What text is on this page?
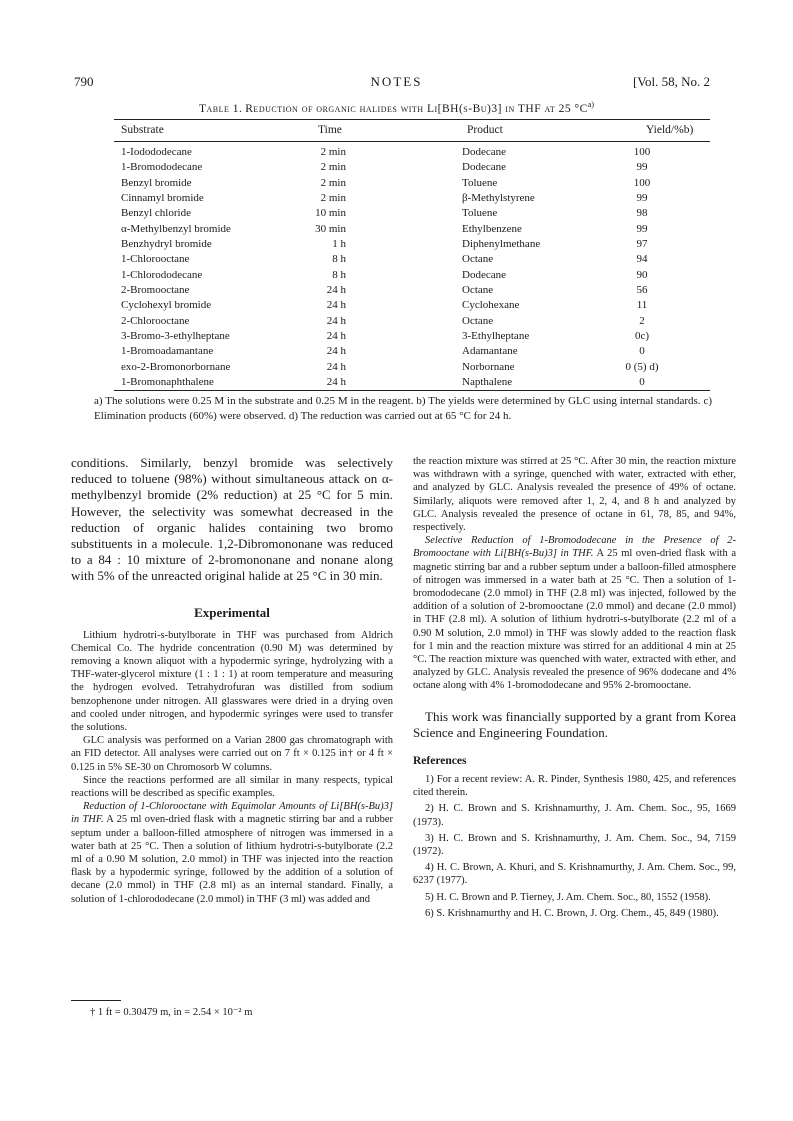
790	NOTES	[Vol. 58, No. 2
Table 1. Reduction of organic halides with Li[BH(s-Bu)3] in THF at 25 $^\circ C^{a)}$
Substrate	Time	Product	Yield/%b)
1-Iodododecane	2 min	Dodecane	100
1-Bromododecane	2 min	Dodecane	99
Benzyl bromide	2 min	Toluene	100
Cinnamyl bromide	2 min	β-Methylstyrene	99
Benzyl chloride	10 min	Toluene	98
α-Methylbenzyl bromide	30 min	Ethylbenzene	99
Benzhydryl bromide	1 h	Diphenylmethane	97
1-Chlorooctane	8 h	Octane	94
1-Chlorododecane	8 h	Dodecane	90
2-Bromooctane	24 h	Octane	56
Cyclohexyl bromide	24 h	Cyclohexane	11
2-Chlorooctane	24 h	Octane	2
3-Bromo-3-ethylheptane	24 h	3-Ethylheptane	0c)
1-Bromoadamantane	24 h	Adamantane	0
exo-2-Bromonorbornane	24 h	Norbornane	0 (5) d)
1-Bromonaphthalene	24 h	Napthalene	0
a) The solutions were 0.25 M in the substrate and 0.25 M in the reagent. b) The yields were determined by GLC using internal standards. c) Elimination products (60%) were observed. d) The reduction was carried out at 65 °C for 24 h.

conditions. Similarly, benzyl bromide was selectively reduced to toluene (98%) without simultaneous attack on α-methylbenzyl bromide (2% reduction) at 25 °C for 5 min. However, the selectivity was somewhat decreased in the reduction of organic halides containing two bromo substituents in a molecule. 1,2-Dibromononane was reduced to a 84 : 10 mixture of 2-bromononane and nonane along with 5% of the unreacted original halide at 25 °C in 30 min.

Experimental

Lithium hydrotri-s-butylborate in THF was purchased from Aldrich Chemical Co. The hydride concentration (0.90 M) was determined by removing a known aliquot with a hypodermic syringe, hydrolyzing with a THF-water-glycerol mixture (1 : 1 : 1) at room temperature and measuring the hydrogen evolved. Tetrahydrofuran was distilled from sodium benzophenone under nitrogen. All glasswares were dried in a drying oven and cooled under nitrogen, and hypodermic syringes were used to transfer the solutions.

GLC analysis was performed on a Varian 2800 gas chromatograph with an FID detector. All analyses were carried out on 7 ft × 0.125 in† or 4 ft × 0.125 in 5% SE-30 on Chromosorb W columns.

Since the reactions performed are all similar in many respects, typical reactions will be described as specific examples.

Reduction of 1-Chlorooctane with Equimolar Amounts of Li[BH(s-Bu)3] in THF. A 25 ml oven-dried flask with a magnetic stirring bar and a rubber septum under a balloon-filled atmosphere of nitrogen was immersed in a water bath at 25 °C. Then a solution of lithium hydrotri-s-butylborate (2.2 ml of a 0.90 M solution, 2.0 mmol) in THF was injected into the reaction flask by a hypodermic syringe, followed by the addition of a solution of decane (2.0 mmol) in THF (2.8 ml) as an internal standard. Finally, a solution of 1-chlorododecane (2.0 mmol) in THF (3 ml) was added and

† 1 ft = 0.30479 m, in = 2.54 × 10⁻² m

the reaction mixture was stirred at 25 °C. After 30 min, the reaction mixture was withdrawn with a syringe, quenched with water, extracted with ether, and analyzed by GLC. Analysis revealed the presence of 49% of octane. Similarly, aliquots were removed after 1, 2, 4, and 8 h and analyzed by GLC. Analysis revealed the presence of octane in 61, 78, 85, and 94%, respectively.

Selective Reduction of 1-Bromododecane in the Presence of 2-Bromooctane with Li[BH(s-Bu)3] in THF. A 25 ml oven-dried flask with a magnetic stirring bar and a rubber septum under a balloon-filled atmosphere of nitrogen was immersed in a water bath at 25 °C. Then a solution of 1-bromododecane (2.0 mmol) in THF (2.8 ml) was injected, followed by the addition of a solution of 2-bromooctane (2.0 mmol) and decane (2.0 mmol) in THF (2.8 ml). A solution of lithium hydrotri-s-butylborate (2.2 ml of a 0.90 M solution, 2.0 mmol) in THF was slowly added to the reaction flask for 1 min and the reaction mixture was stirred for an additional 4 min at 25 °C. The reaction mixture was quenched with water, extracted with ether, and analyzed by GLC. Analysis revealed the presence of 96% dodecane and 4% octane along with 4% 1-bromododecane and 95% 2-bromooctane.

This work was financially supported by a grant from Korea Science and Engineering Foundation.

References

1) For a recent review: A. R. Pinder, Synthesis 1980, 425, and references cited therein.

2) H. C. Brown and S. Krishnamurthy, J. Am. Chem. Soc., 95, 1669 (1973).

3) H. C. Brown and S. Krishnamurthy, J. Am. Chem. Soc., 94, 7159 (1972).

4) H. C. Brown, A. Khuri, and S. Krishnamurthy, J. Am. Chem. Soc., 99, 6237 (1977).

5) H. C. Brown and P. Tierney, J. Am. Chem. Soc., 80, 1552 (1958).

6) S. Krishnamurthy and H. C. Brown, J. Org. Chem., 45, 849 (1980).
